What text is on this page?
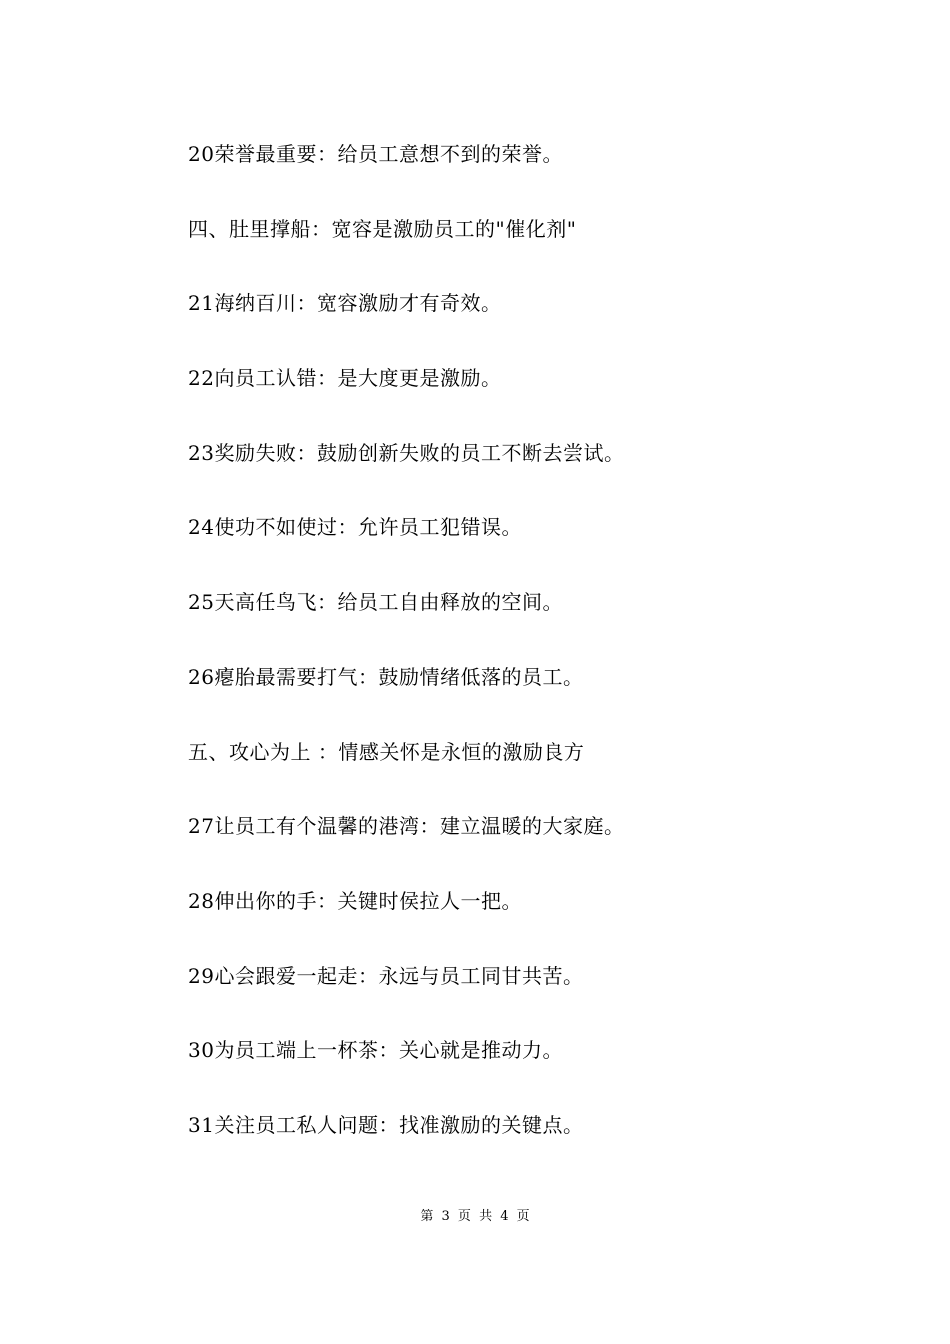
20荣誉最重要：给员工意想不到的荣誉。
四、肚里撑船：宽容是激励员工的"催化剂"
21海纳百川：宽容激励才有奇效。
22向员工认错：是大度更是激励。
23奖励失败：鼓励创新失败的员工不断去尝试。
24使功不如使过：允许员工犯错误。
25天高任鸟飞：给员工自由释放的空间。
26瘪胎最需要打气：鼓励情绪低落的员工。
五、攻心为上 ：情感关怀是永恒的激励良方
27让员工有个温馨的港湾：建立温暖的大家庭。
28伸出你的手：关键时侯拉人一把。
29心会跟爱一起走：永远与员工同甘共苦。
30为员工端上一杯茶：关心就是推动力。
31关注员工私人问题：找准激励的关键点。
第 3 页 共 4 页
